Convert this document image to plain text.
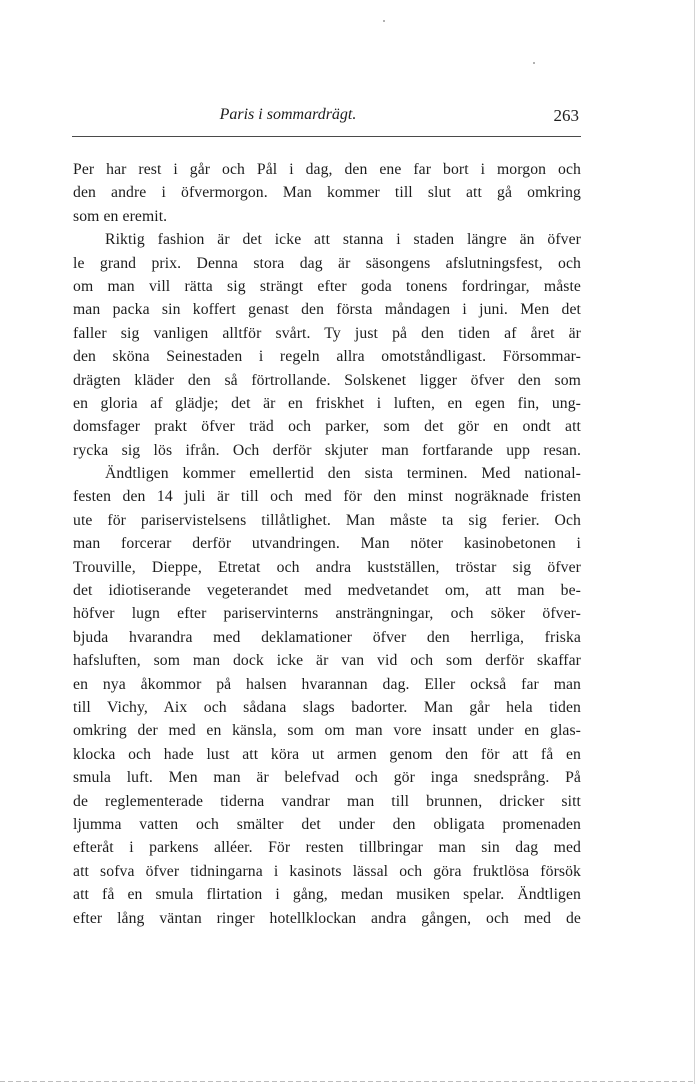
Paris i sommardrägt.	263
Per har rest i går och Pål i dag, den ene far bort i morgon och
den andre i öfvermorgon. Man kommer till slut att gå omkring
som en eremit.
Riktig fashion är det icke att stanna i staden längre än öfver
le grand prix. Denna stora dag är säsongens afslutningsfest, och
om man vill rätta sig strängt efter goda tonens fordringar, måste
man packa sin koffert genast den första måndagen i juni. Men det
faller sig vanligen alltför svårt. Ty just på den tiden af året är
den sköna Seinestaden i regeln allra omotståndligast. Försommar-
drägten kläder den så förtrollande. Solskenet ligger öfver den som
en gloria af glädje; det är en friskhet i luften, en egen fin, ung-
domsfager prakt öfver träd och parker, som det gör en ondt att
rycka sig lös ifrån. Och derför skjuter man fortfarande upp resan.
Ändtligen kommer emellertid den sista terminen. Med national-
festen den 14 juli är till och med för den minst nogräknade fristen
ute för pariservistelsens tillåtlighet. Man måste ta sig ferier. Och
man forcerar derför utvandringen. Man nöter kasinobetonen i
Trouville, Dieppe, Etretat och andra kustställen, tröstar sig öfver
det idiotiserande vegeterandet med medvetandet om, att man be-
höfver lugn efter pariservinterns ansträngningar, och söker öfver-
bjuda hvarandra med deklamationer öfver den herrliga, friska
hafsluften, som man dock icke är van vid och som derför skaffar
en nya åkommor på halsen hvarannan dag. Eller också far man
till Vichy, Aix och sådana slags badorter. Man går hela tiden
omkring der med en känsla, som om man vore insatt under en glas-
klocka och hade lust att köra ut armen genom den för att få en
smula luft. Men man är belefvad och gör inga snedsprång. På
de reglementerade tiderna vandrar man till brunnen, dricker sitt
ljumma vatten och smälter det under den obligata promenaden
efteråt i parkens alléer. För resten tillbringar man sin dag med
att sofva öfver tidningarna i kasinots lässal och göra fruktlösa försök
att få en smula flirtation i gång, medan musiken spelar. Ändtligen
efter lång väntan ringer hotellklockan andra gången, och med de
